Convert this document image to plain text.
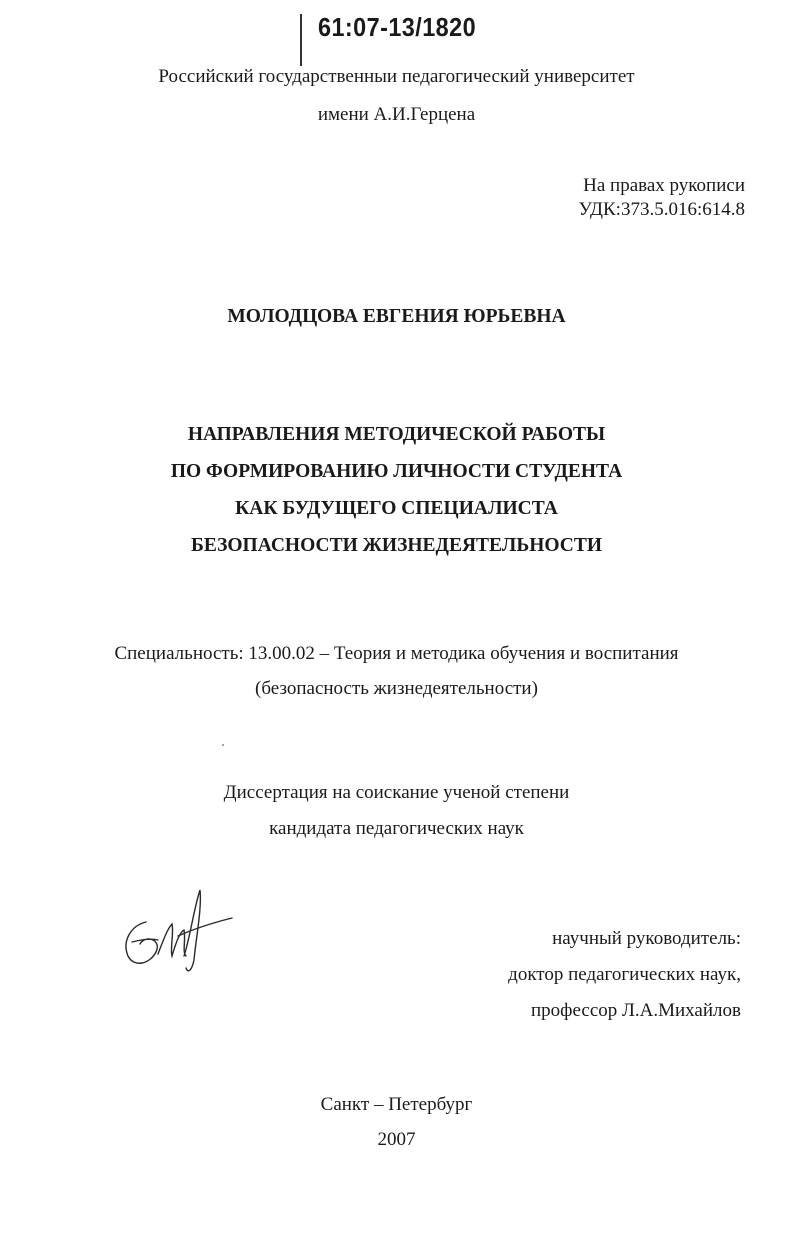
61:07-13/1820
Российский государственныи педагогический университет
имени А.И.Герцена
На правах рукописи
УДК:373.5.016:614.8
МОЛОДЦОВА ЕВГЕНИЯ ЮРЬЕВНА
НАПРАВЛЕНИЯ МЕТОДИЧЕСКОЙ РАБОТЫ
ПО ФОРМИРОВАНИЮ ЛИЧНОСТИ СТУДЕНТА
КАК БУДУЩЕГО СПЕЦИАЛИСТА
БЕЗОПАСНОСТИ ЖИЗНЕДЕЯТЕЛЬНОСТИ
Специальность: 13.00.02 – Теория и методика обучения и воспитания
(безопасность жизнедеятельности)
Диссертация на соискание ученой степени
кандидата педагогических наук
научный руководитель:
доктор педагогических наук,
профессор Л.А.Михайлов
Санкт – Петербург
2007
